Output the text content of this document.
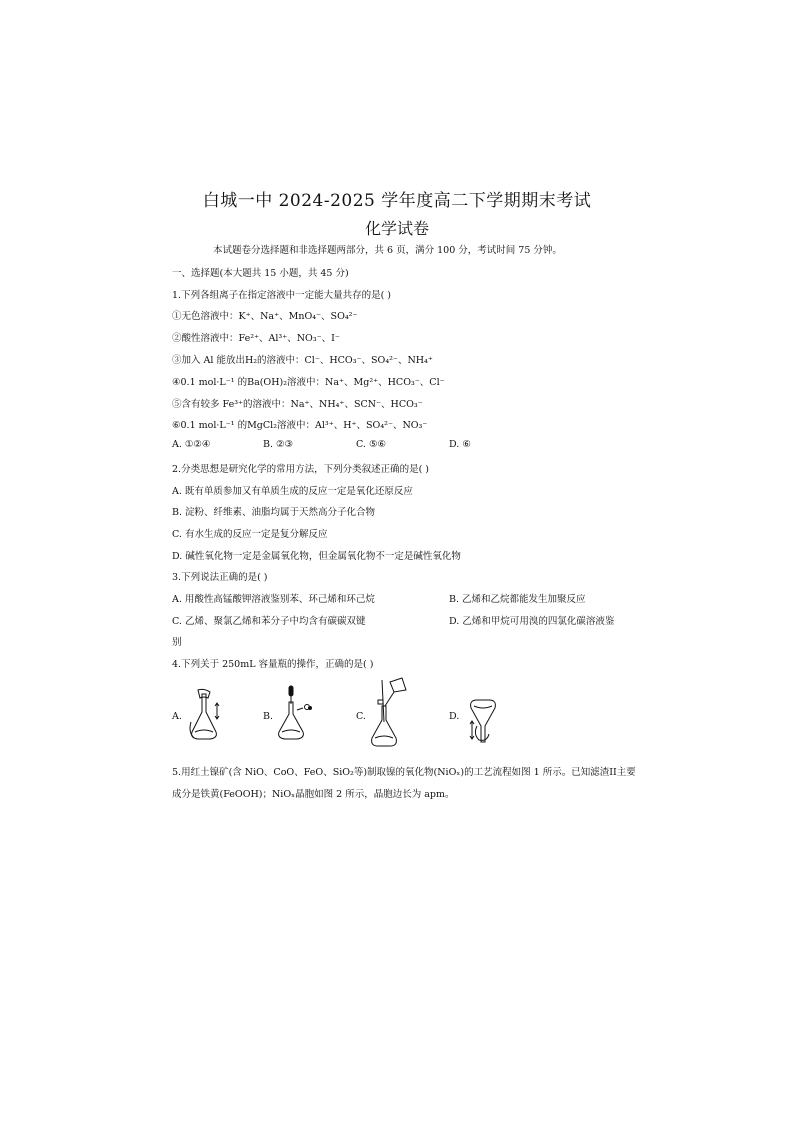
白城一中 2024-2025 学年度高二下学期期末考试
化学试卷
本试题卷分选择题和非选择题两部分，共 6 页，满分 100 分，考试时间 75 分钟。
一、选择题(本大题共 15 小题，共 45 分)
1.下列各组离子在指定溶液中一定能大量共存的是( )
①无色溶液中：K⁺、Na⁺、MnO₄⁻、SO₄²⁻
②酸性溶液中：Fe²⁺、Al³⁺、NO₃⁻、I⁻
③加入 Al 能放出H₂的溶液中：Cl⁻、HCO₃⁻、SO₄²⁻、NH₄⁺
④0.1 mol·L⁻¹ 的Ba(OH)₂溶液中：Na⁺、Mg²⁺、HCO₃⁻、Cl⁻
⑤含有较多 Fe³⁺的溶液中：Na⁺、NH₄⁺、SCN⁻、HCO₃⁻
⑥0.1 mol·L⁻¹ 的MgCl₂溶液中：Al³⁺、H⁺、SO₄²⁻、NO₃⁻
A. ①②④	B. ②③	C. ⑤⑥	D. ⑥
2.分类思想是研究化学的常用方法，下列分类叙述正确的是( )
A. 既有单质参加又有单质生成的反应一定是氧化还原反应
B. 淀粉、纤维素、油脂均属于天然高分子化合物
C. 有水生成的反应一定是复分解反应
D. 碱性氧化物一定是金属氧化物，但金属氧化物不一定是碱性氧化物
3.下列说法正确的是( )
A. 用酸性高锰酸钾溶液鉴别苯、环己烯和环己烷	B. 乙烯和乙烷都能发生加聚反应
C. 乙烯、聚氯乙烯和苯分子中均含有碳碳双键	D. 乙烯和甲烷可用溴的四氯化碳溶液鉴
别
4.下列关于 250mL 容量瓶的操作，正确的是( )
A.	B.	C.	D.
5.用红土镍矿(含 NiO、CoO、FeO、SiO₂等)制取镍的氧化物(NiOₓ)的工艺流程如图 1 所示。已知滤渣II主要
成分是铁黄(FeOOH)；NiOₓ晶胞如图 2 所示，晶胞边长为 apm。
